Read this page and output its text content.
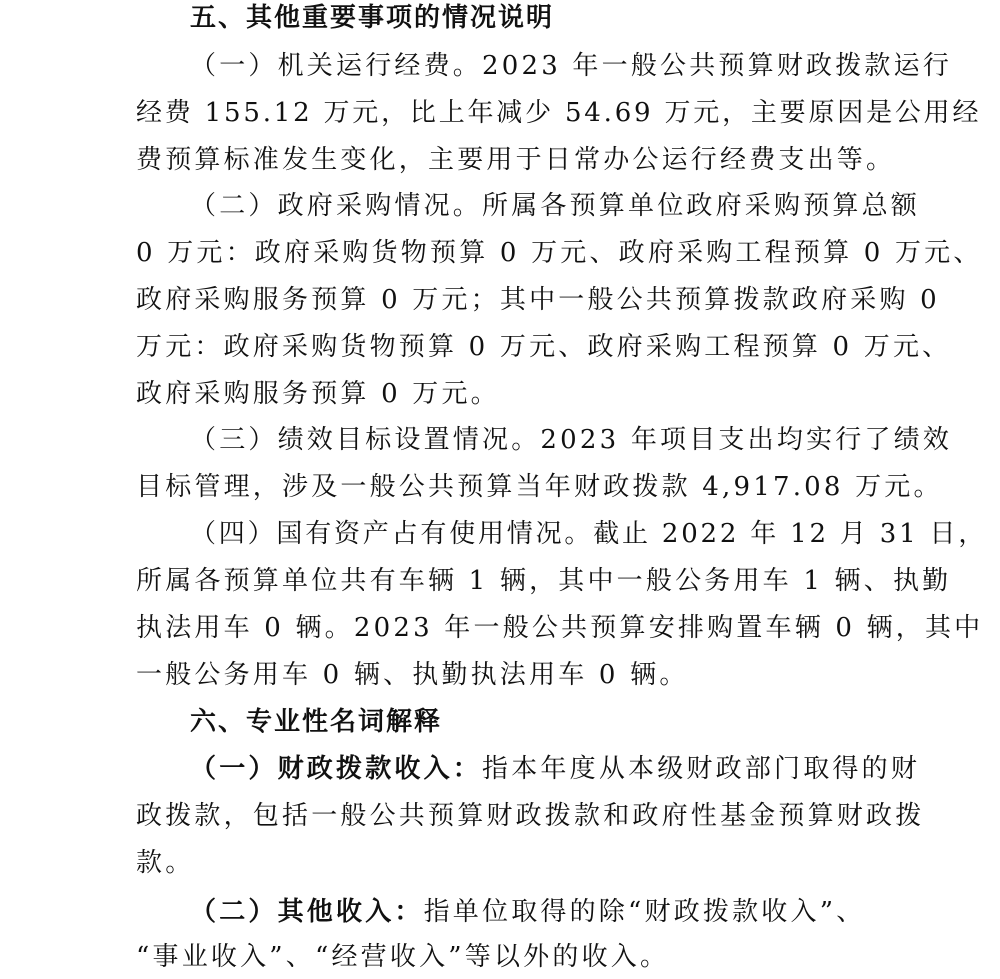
五、其他重要事项的情况说明
（一）机关运行经费。2023 年一般公共预算财政拨款运行
经费 155.12 万元，比上年减少 54.69 万元，主要原因是公用经
费预算标准发生变化，主要用于日常办公运行经费支出等。
（二）政府采购情况。所属各预算单位政府采购预算总额
0 万元：政府采购货物预算 0 万元、政府采购工程预算 0 万元、
政府采购服务预算 0 万元；其中一般公共预算拨款政府采购 0
万元：政府采购货物预算 0 万元、政府采购工程预算 0 万元、
政府采购服务预算 0 万元。
（三）绩效目标设置情况。2023 年项目支出均实行了绩效
目标管理，涉及一般公共预算当年财政拨款 4,917.08 万元。
（四）国有资产占有使用情况。截止 2022 年 12 月 31 日，
所属各预算单位共有车辆 1 辆，其中一般公务用车 1 辆、执勤
执法用车 0 辆。2023 年一般公共预算安排购置车辆 0 辆，其中
一般公务用车 0 辆、执勤执法用车 0 辆。
六、专业性名词解释
（一）财政拨款收入：指本年度从本级财政部门取得的财
政拨款，包括一般公共预算财政拨款和政府性基金预算财政拨
款。
（二）其他收入：指单位取得的除“财政拨款收入”、
“事业收入”、“经营收入”等以外的收入。
